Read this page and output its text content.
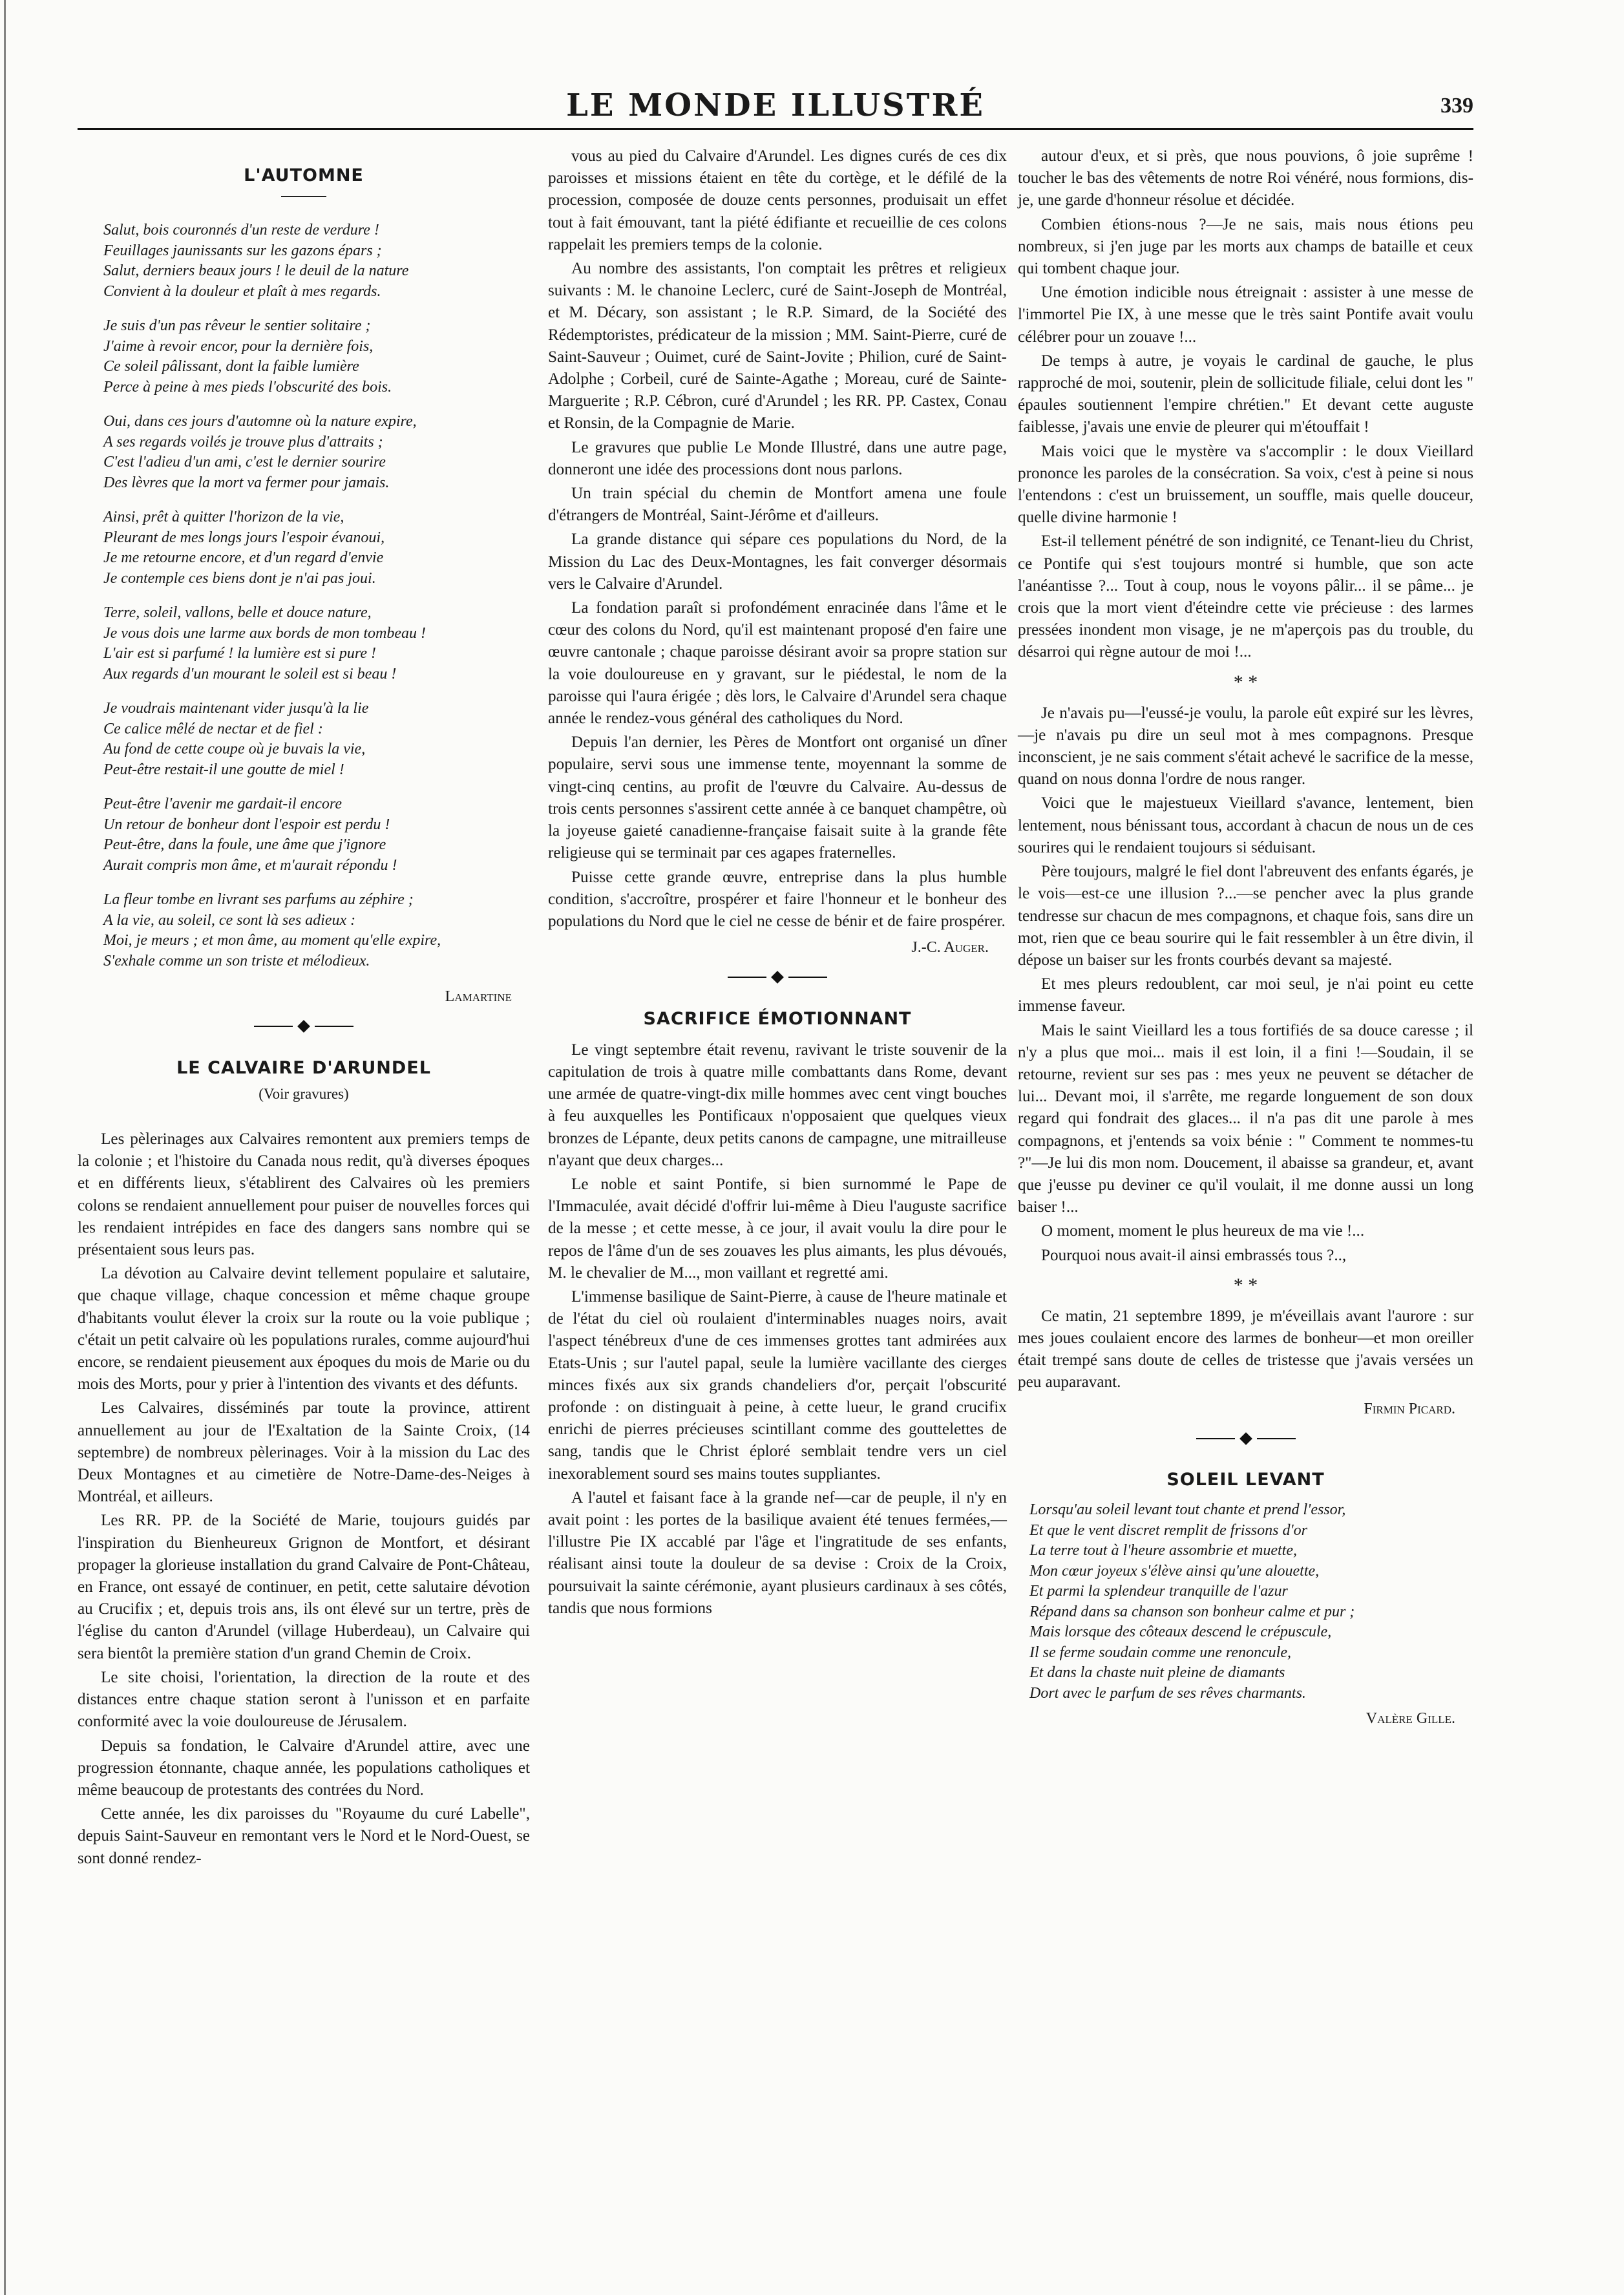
LE MONDE ILLUSTRÉ	339
L'AUTOMNE
Salut, bois couronnés d'un reste de verdure !
Feuillages jaunissants sur les gazons épars ;
Salut, derniers beaux jours ! le deuil de la nature
Convient à la douleur et plaît à mes regards.
Je suis d'un pas rêveur le sentier solitaire ;
J'aime à revoir encor, pour la dernière fois,
Ce soleil pâlissant, dont la faible lumière
Perce à peine à mes pieds l'obscurité des bois.
Oui, dans ces jours d'automne où la nature expire,
A ses regards voilés je trouve plus d'attraits ;
C'est l'adieu d'un ami, c'est le dernier sourire
Des lèvres que la mort va fermer pour jamais.
Ainsi, prêt à quitter l'horizon de la vie,
Pleurant de mes longs jours l'espoir évanoui,
Je me retourne encore, et d'un regard d'envie
Je contemple ces biens dont je n'ai pas joui.
Terre, soleil, vallons, belle et douce nature,
Je vous dois une larme aux bords de mon tombeau !
L'air est si parfumé ! la lumière est si pure !
Aux regards d'un mourant le soleil est si beau !
Je voudrais maintenant vider jusqu'à la lie
Ce calice mêlé de nectar et de fiel :
Au fond de cette coupe où je buvais la vie,
Peut-être restait-il une goutte de miel !
Peut-être l'avenir me gardait-il encore
Un retour de bonheur dont l'espoir est perdu !
Peut-être, dans la foule, une âme que j'ignore
Aurait compris mon âme, et m'aurait répondu !
La fleur tombe en livrant ses parfums au zéphire ;
A la vie, au soleil, ce sont là ses adieux :
Moi, je meurs ; et mon âme, au moment qu'elle expire,
S'exhale comme un son triste et mélodieux.
Lamartine
LE CALVAIRE D'ARUNDEL
(Voir gravures)

Les pèlerinages aux Calvaires remontent aux premiers temps de la colonie ; et l'histoire du Canada nous redit, qu'à diverses époques et en différents lieux, s'établirent des Calvaires où les premiers colons se rendaient annuellement pour puiser de nouvelles forces qui les rendaient intrépides en face des dangers sans nombre qui se présentaient sous leurs pas.

La dévotion au Calvaire devint tellement populaire et salutaire, que chaque village, chaque concession et même chaque groupe d'habitants voulut élever la croix sur la route ou la voie publique ; c'était un petit calvaire où les populations rurales, comme aujourd'hui encore, se rendaient pieusement aux époques du mois de Marie ou du mois des Morts, pour y prier à l'intention des vivants et des défunts.

Les Calvaires, disséminés par toute la province, attirent annuellement au jour de l'Exaltation de la Sainte Croix, (14 septembre) de nombreux pèlerinages. Voir à la mission du Lac des Deux Montagnes et au cimetière de Notre-Dame-des-Neiges à Montréal, et ailleurs.

Les RR. PP. de la Société de Marie, toujours guidés par l'inspiration du Bienheureux Grignon de Montfort, et désirant propager la glorieuse installation du grand Calvaire de Pont-Château, en France, ont essayé de continuer, en petit, cette salutaire dévotion au Crucifix ; et, depuis trois ans, ils ont élevé sur un tertre, près de l'église du canton d'Arundel (village Huberdeau), un Calvaire qui sera bientôt la première station d'un grand Chemin de Croix.

Le site choisi, l'orientation, la direction de la route et des distances entre chaque station seront à l'unisson et en parfaite conformité avec la voie douloureuse de Jérusalem.

Depuis sa fondation, le Calvaire d'Arundel attire, avec une progression étonnante, chaque année, les populations catholiques et même beaucoup de protestants des contrées du Nord.

Cette année, les dix paroisses du "Royaume du curé Labelle", depuis Saint-Sauveur en remontant vers le Nord et le Nord-Ouest, se sont donné rendez-

vous au pied du Calvaire d'Arundel. Les dignes curés de ces dix paroisses et missions étaient en tête du cortège, et le défilé de la procession, composée de douze cents personnes, produisait un effet tout à fait émouvant, tant la piété édifiante et recueillie de ces colons rappelait les premiers temps de la colonie.

Au nombre des assistants, l'on comptait les prêtres et religieux suivants : M. le chanoine Leclerc, curé de Saint-Joseph de Montréal, et M. Décary, son assistant ; le R.P. Simard, de la Société des Rédemptoristes, prédicateur de la mission ; MM. Saint-Pierre, curé de Saint-Sauveur ; Ouimet, curé de Saint-Jovite ; Philion, curé de Saint-Adolphe ; Corbeil, curé de Sainte-Agathe ; Moreau, curé de Sainte-Marguerite ; R.P. Cébron, curé d'Arundel ; les RR. PP. Castex, Conau et Ronsin, de la Compagnie de Marie.

Le gravures que publie Le Monde Illustré, dans une autre page, donneront une idée des processions dont nous parlons.

Un train spécial du chemin de Montfort amena une foule d'étrangers de Montréal, Saint-Jérôme et d'ailleurs.

La grande distance qui sépare ces populations du Nord, de la Mission du Lac des Deux-Montagnes, les fait converger désormais vers le Calvaire d'Arundel.

La fondation paraît si profondément enracinée dans l'âme et le cœur des colons du Nord, qu'il est maintenant proposé d'en faire une œuvre cantonale ; chaque paroisse désirant avoir sa propre station sur la voie douloureuse en y gravant, sur le piédestal, le nom de la paroisse qui l'aura érigée ; dès lors, le Calvaire d'Arundel sera chaque année le rendez-vous général des catholiques du Nord.

Depuis l'an dernier, les Pères de Montfort ont organisé un dîner populaire, servi sous une immense tente, moyennant la somme de vingt-cinq centins, au profit de l'œuvre du Calvaire. Au-dessus de trois cents personnes s'assirent cette année à ce banquet champêtre, où la joyeuse gaieté canadienne-française faisait suite à la grande fête religieuse qui se terminait par ces agapes fraternelles.

Puisse cette grande œuvre, entreprise dans la plus humble condition, s'accroître, prospérer et faire l'honneur et le bonheur des populations du Nord que le ciel ne cesse de bénir et de faire prospérer.

J.-C. Auger.
SACRIFICE ÉMOTIONNANT

Le vingt septembre était revenu, ravivant le triste souvenir de la capitulation de trois à quatre mille combattants dans Rome, devant une armée de quatre-vingt-dix mille hommes avec cent vingt bouches à feu auxquelles les Pontificaux n'opposaient que quelques vieux bronzes de Lépante, deux petits canons de campagne, une mitrailleuse n'ayant que deux charges...

Le noble et saint Pontife, si bien surnommé le Pape de l'Immaculée, avait décidé d'offrir lui-même à Dieu l'auguste sacrifice de la messe ; et cette messe, à ce jour, il avait voulu la dire pour le repos de l'âme d'un de ses zouaves les plus aimants, les plus dévoués, M. le chevalier de M..., mon vaillant et regretté ami.

L'immense basilique de Saint-Pierre, à cause de l'heure matinale et de l'état du ciel où roulaient d'interminables nuages noirs, avait l'aspect ténébreux d'une de ces immenses grottes tant admirées aux Etats-Unis ; sur l'autel papal, seule la lumière vacillante des cierges minces fixés aux six grands chandeliers d'or, perçait l'obscurité profonde : on distinguait à peine, à cette lueur, le grand crucifix enrichi de pierres précieuses scintillant comme des gouttelettes de sang, tandis que le Christ éploré semblait tendre vers un ciel inexorablement sourd ses mains toutes suppliantes.

A l'autel et faisant face à la grande nef—car de peuple, il n'y en avait point : les portes de la basilique avaient été tenues fermées,— l'illustre Pie IX accablé par l'âge et l'ingratitude de ses enfants, réalisant ainsi toute la douleur de sa devise : Croix de la Croix, poursuivait la sainte cérémonie, ayant plusieurs cardinaux à ses côtés, tandis que nous formions

autour d'eux, et si près, que nous pouvions, ô joie suprême ! toucher le bas des vêtements de notre Roi vénéré, nous formions, dis-je, une garde d'honneur résolue et décidée.

Combien étions-nous ?—Je ne sais, mais nous étions peu nombreux, si j'en juge par les morts aux champs de bataille et ceux qui tombent chaque jour.

Une émotion indicible nous étreignait : assister à une messe de l'immortel Pie IX, à une messe que le très saint Pontife avait voulu célébrer pour un zouave !...

De temps à autre, je voyais le cardinal de gauche, le plus rapproché de moi, soutenir, plein de sollicitude filiale, celui dont les " épaules soutiennent l'empire chrétien." Et devant cette auguste faiblesse, j'avais une envie de pleurer qui m'étouffait !

Mais voici que le mystère va s'accomplir : le doux Vieillard prononce les paroles de la consécration. Sa voix, c'est à peine si nous l'entendons : c'est un bruissement, un souffle, mais quelle douceur, quelle divine harmonie !

Est-il tellement pénétré de son indignité, ce Tenant-lieu du Christ, ce Pontife qui s'est toujours montré si humble, que son acte l'anéantisse ?... Tout à coup, nous le voyons pâlir... il se pâme... je crois que la mort vient d'éteindre cette vie précieuse : des larmes pressées inondent mon visage, je ne m'aperçois pas du trouble, du désarroi qui règne autour de moi !...

* *

Je n'avais pu—l'eussé-je voulu, la parole eût expiré sur les lèvres,—je n'avais pu dire un seul mot à mes compagnons. Presque inconscient, je ne sais comment s'était achevé le sacrifice de la messe, quand on nous donna l'ordre de nous ranger.

Voici que le majestueux Vieillard s'avance, lentement, bien lentement, nous bénissant tous, accordant à chacun de nous un de ces sourires qui le rendaient toujours si séduisant.

Père toujours, malgré le fiel dont l'abreuvent des enfants égarés, je le vois—est-ce une illusion ?...—se pencher avec la plus grande tendresse sur chacun de mes compagnons, et chaque fois, sans dire un mot, rien que ce beau sourire qui le fait ressembler à un être divin, il dépose un baiser sur les fronts courbés devant sa majesté.

Et mes pleurs redoublent, car moi seul, je n'ai point eu cette immense faveur.

Mais le saint Vieillard les a tous fortifiés de sa douce caresse ; il n'y a plus que moi... mais il est loin, il a fini !—Soudain, il se retourne, revient sur ses pas : mes yeux ne peuvent se détacher de lui... Devant moi, il s'arrête, me regarde longuement de son doux regard qui fondrait des glaces... il n'a pas dit une parole à mes compagnons, et j'entends sa voix bénie : " Comment te nommes-tu ?"—Je lui dis mon nom. Doucement, il abaisse sa grandeur, et, avant que j'eusse pu deviner ce qu'il voulait, il me donne aussi un long baiser !...

O moment, moment le plus heureux de ma vie !...

Pourquoi nous avait-il ainsi embrassés tous ?..,

* *

Ce matin, 21 septembre 1899, je m'éveillais avant l'aurore : sur mes joues coulaient encore des larmes de bonheur—et mon oreiller était trempé sans doute de celles de tristesse que j'avais versées un peu auparavant.

Firmin Picard.
SOLEIL LEVANT
Lorsqu'au soleil levant tout chante et prend l'essor,
Et que le vent discret remplit de frissons d'or
La terre tout à l'heure assombrie et muette,
Mon cœur joyeux s'élève ainsi qu'une alouette,
Et parmi la splendeur tranquille de l'azur
Répand dans sa chanson son bonheur calme et pur ;
Mais lorsque des côteaux descend le crépuscule,
Il se ferme soudain comme une renoncule,
Et dans la chaste nuit pleine de diamants
Dort avec le parfum de ses rêves charmants.
Valère Gille.
